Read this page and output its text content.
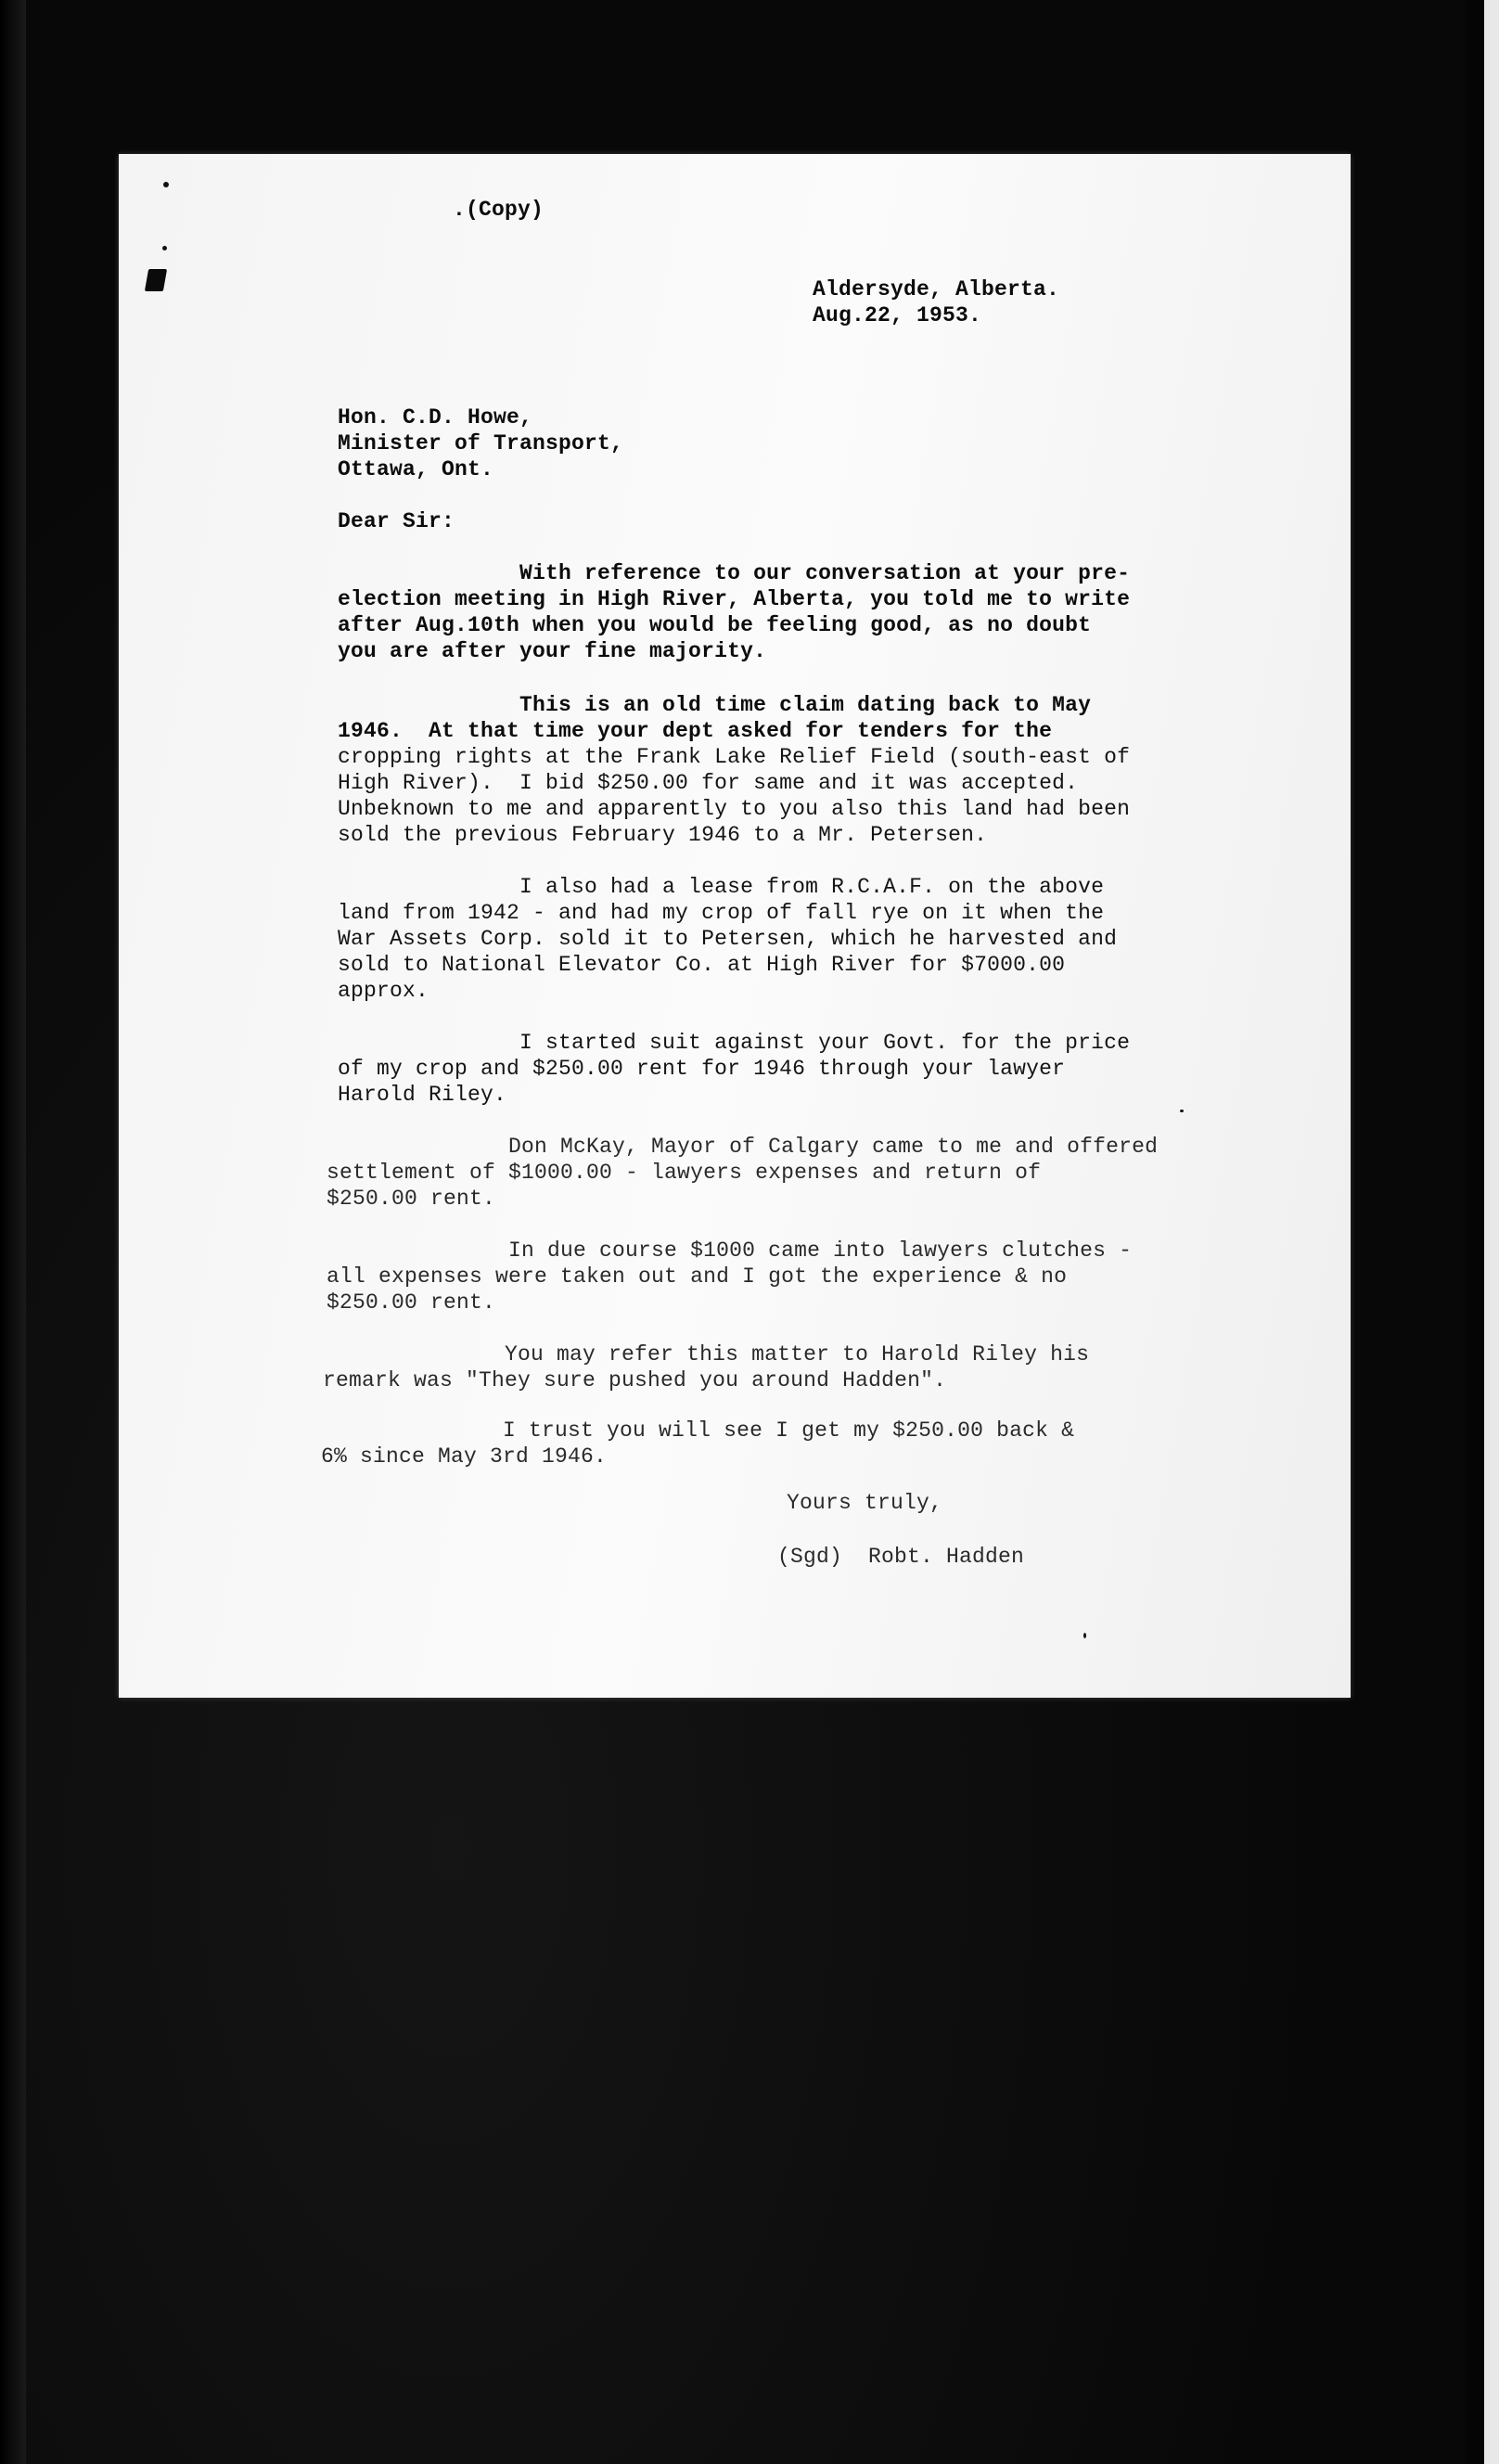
.(Copy)
Aldersyde, Alberta.
Aug.22, 1953.
Hon. C.D. Howe,
Minister of Transport,
Ottawa, Ont.
Dear Sir:
With reference to our conversation at your pre-
election meeting in High River, Alberta, you told me to write
after Aug.10th when you would be feeling good, as no doubt
you are after your fine majority.
This is an old time claim dating back to May
1946.  At that time your dept asked for tenders for the
cropping rights at the Frank Lake Relief Field (south-east of
High River).  I bid $250.00 for same and it was accepted.
Unbeknown to me and apparently to you also this land had been
sold the previous February 1946 to a Mr. Petersen.
I also had a lease from R.C.A.F. on the above
land from 1942 - and had my crop of fall rye on it when the
War Assets Corp. sold it to Petersen, which he harvested and
sold to National Elevator Co. at High River for $7000.00
approx.
I started suit against your Govt. for the price
of my crop and $250.00 rent for 1946 through your lawyer
Harold Riley.
Don McKay, Mayor of Calgary came to me and offered
settlement of $1000.00 - lawyers expenses and return of
$250.00 rent.
In due course $1000 came into lawyers clutches -
all expenses were taken out and I got the experience & no
$250.00 rent.
You may refer this matter to Harold Riley his
remark was "They sure pushed you around Hadden".
I trust you will see I get my $250.00 back &
6% since May 3rd 1946.
Yours truly,
(Sgd)  Robt. Hadden
